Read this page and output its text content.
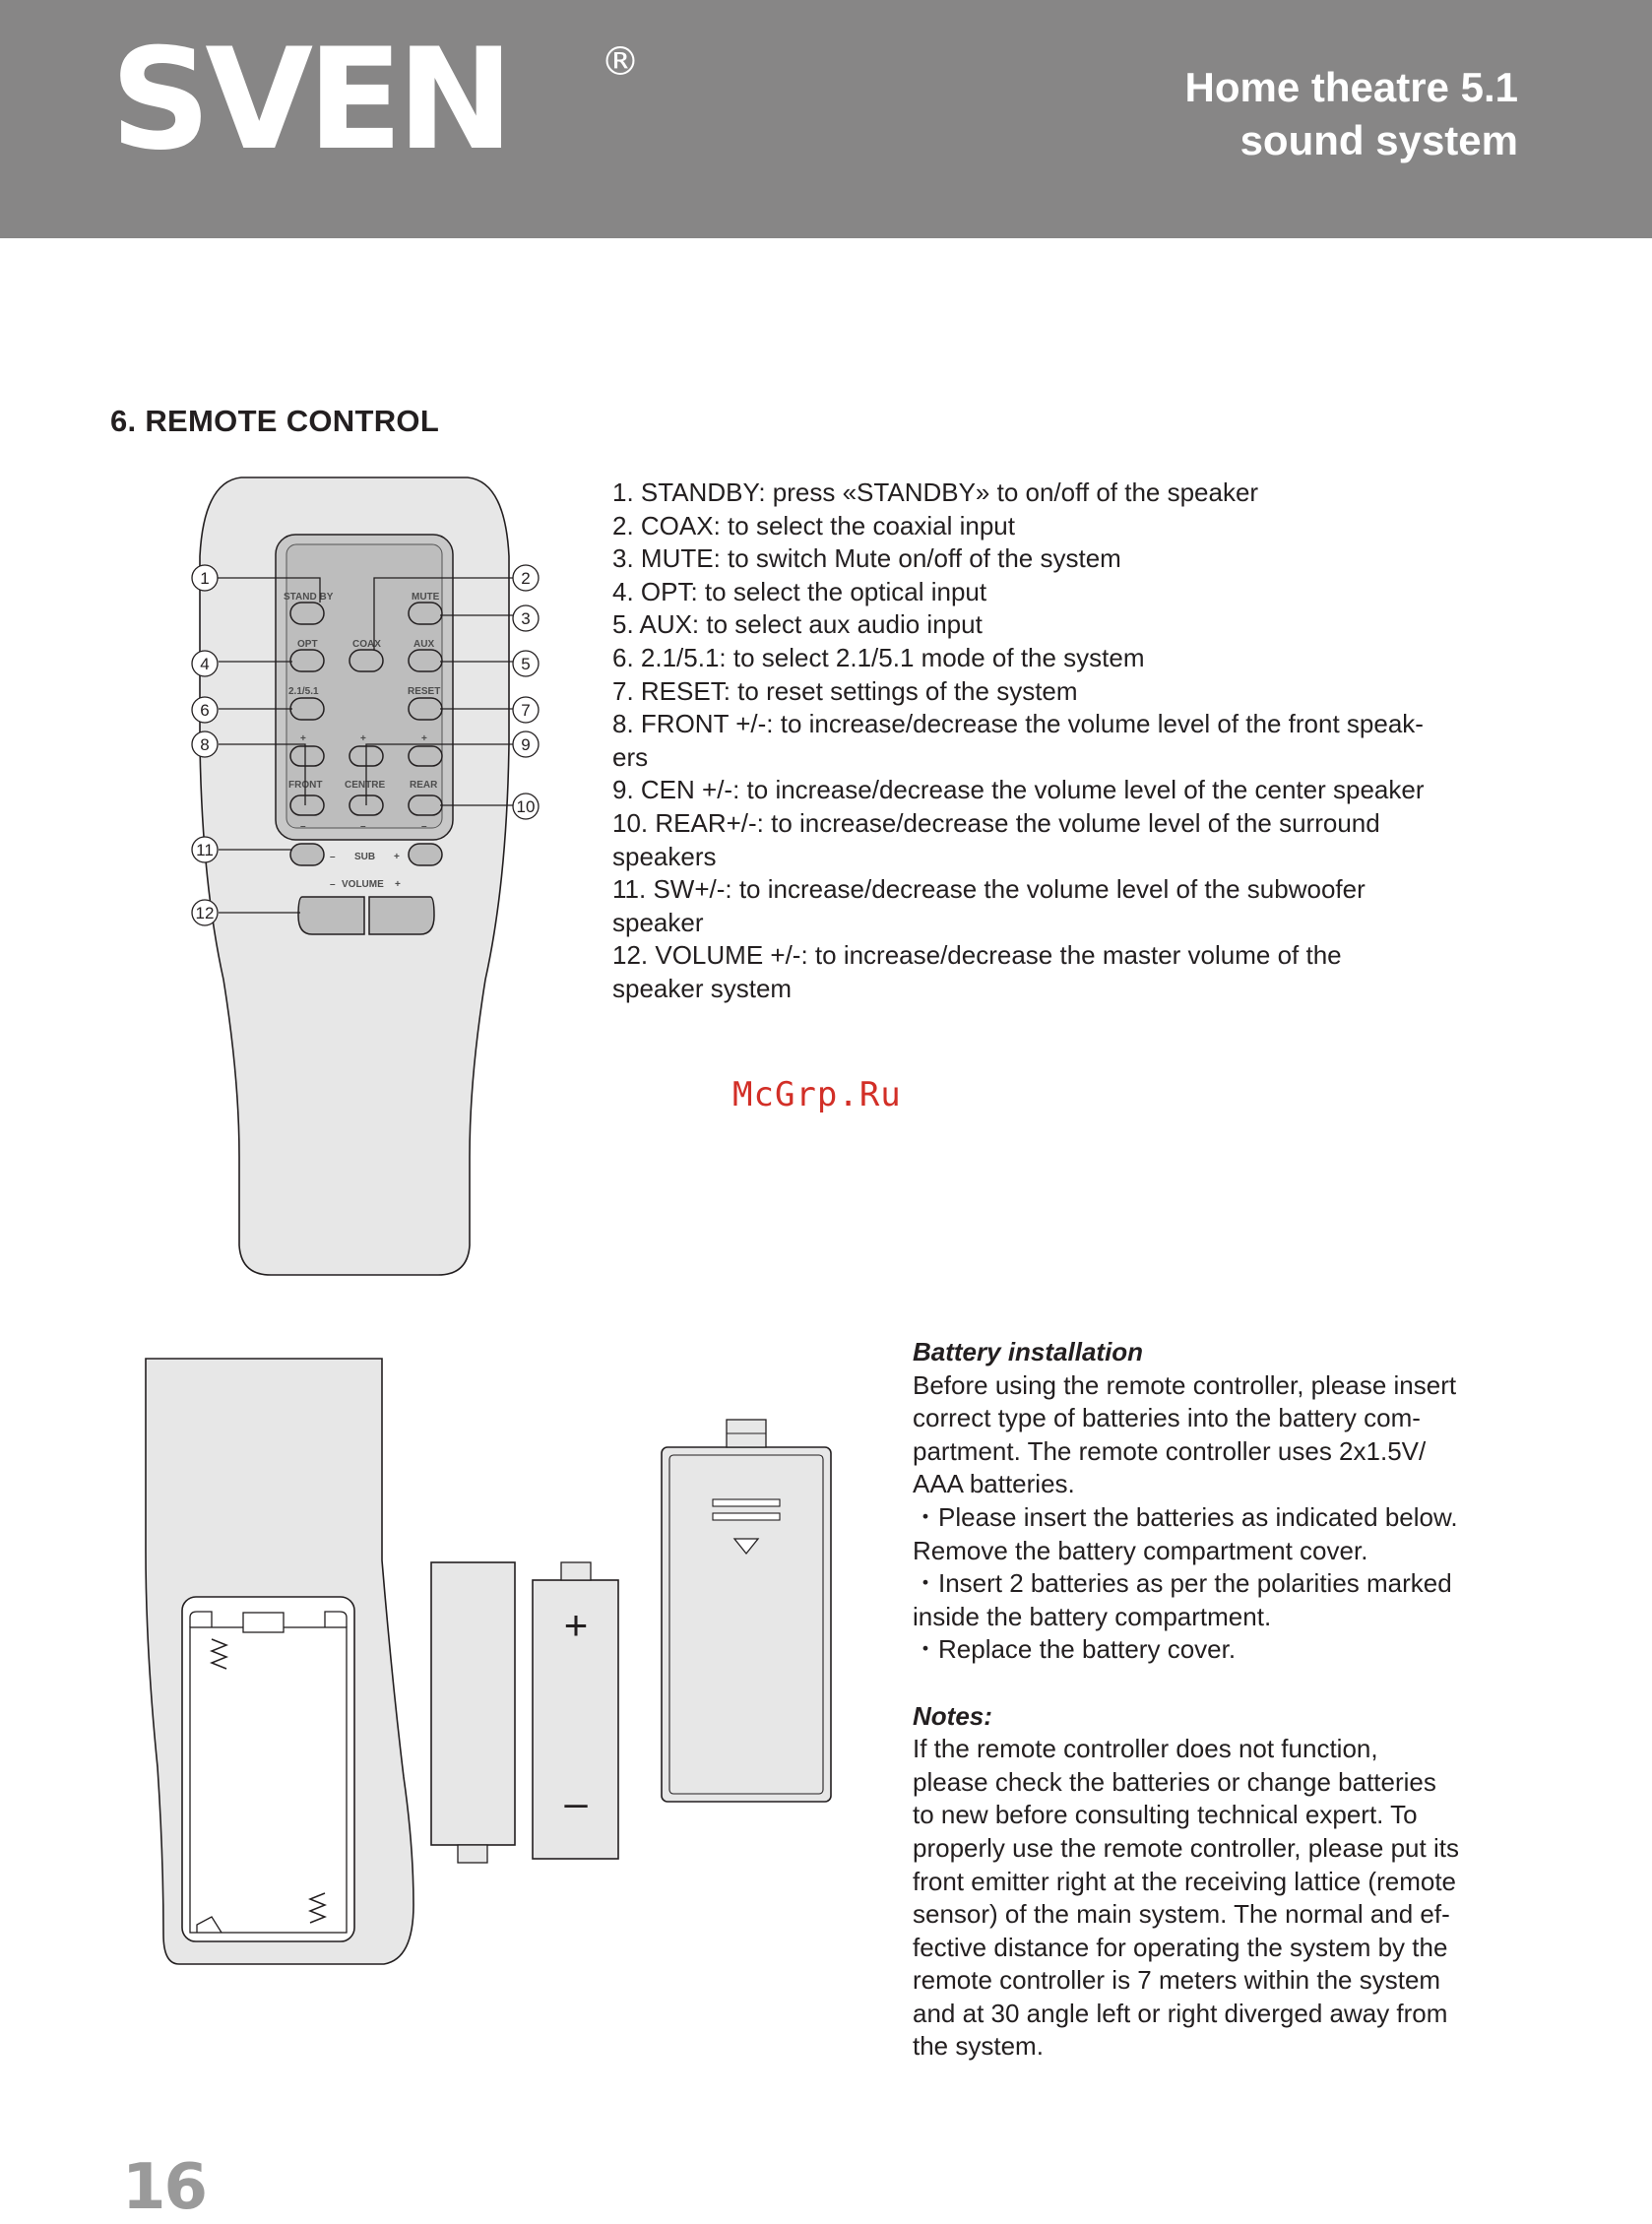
SVEN ®
Home theatre 5.1
sound system
6. REMOTE CONTROL
STAND BY	MUTE
OPT	COAX	AUX
2.1/5.1	RESET
+	+	+
FRONT CENTRE REAR
–	–	–
– SUB +
– VOLUME +
1	2
3
4	5
6	7
8	9
10
11
12
1. STANDBY: press «STANDBY» to on/off of the speaker
2. COAX: to select the coaxial input
3. MUTE: to switch Mute on/off of the system
4. OPT: to select the optical input
5. AUX: to select aux audio input
6. 2.1/5.1: to select 2.1/5.1 mode of the system
7. RESET: to reset settings of the system
8. FRONT +/-: to increase/decrease the volume level of the front speak-
ers
9. CEN +/-: to increase/decrease the volume level of the center speaker
10. REAR+/-: to increase/decrease the volume level of the surround
speakers
11. SW+/-: to increase/decrease the volume level of the subwoofer
speaker
12. VOLUME +/-: to increase/decrease the master volume of the
speaker system
McGrp.Ru
+
–
Battery installation
Before using the remote controller, please insert
correct type of batteries into the battery com-
partment. The remote controller uses 2x1.5V/
AAA batteries.
・Please insert the batteries as indicated below.
Remove the battery compartment cover.
・Insert 2 batteries as per the polarities marked
inside the battery compartment.
・Replace the battery cover.
Notes:
If the remote controller does not function,
please check the batteries or change batteries
to new before consulting technical expert. To
properly use the remote controller, please put its
front emitter right at the receiving lattice (remote
sensor) of the main system. The normal and ef-
fective distance for operating the system by the
remote controller is 7 meters within the system
and at 30 angle left or right diverged away from
the system.
16
